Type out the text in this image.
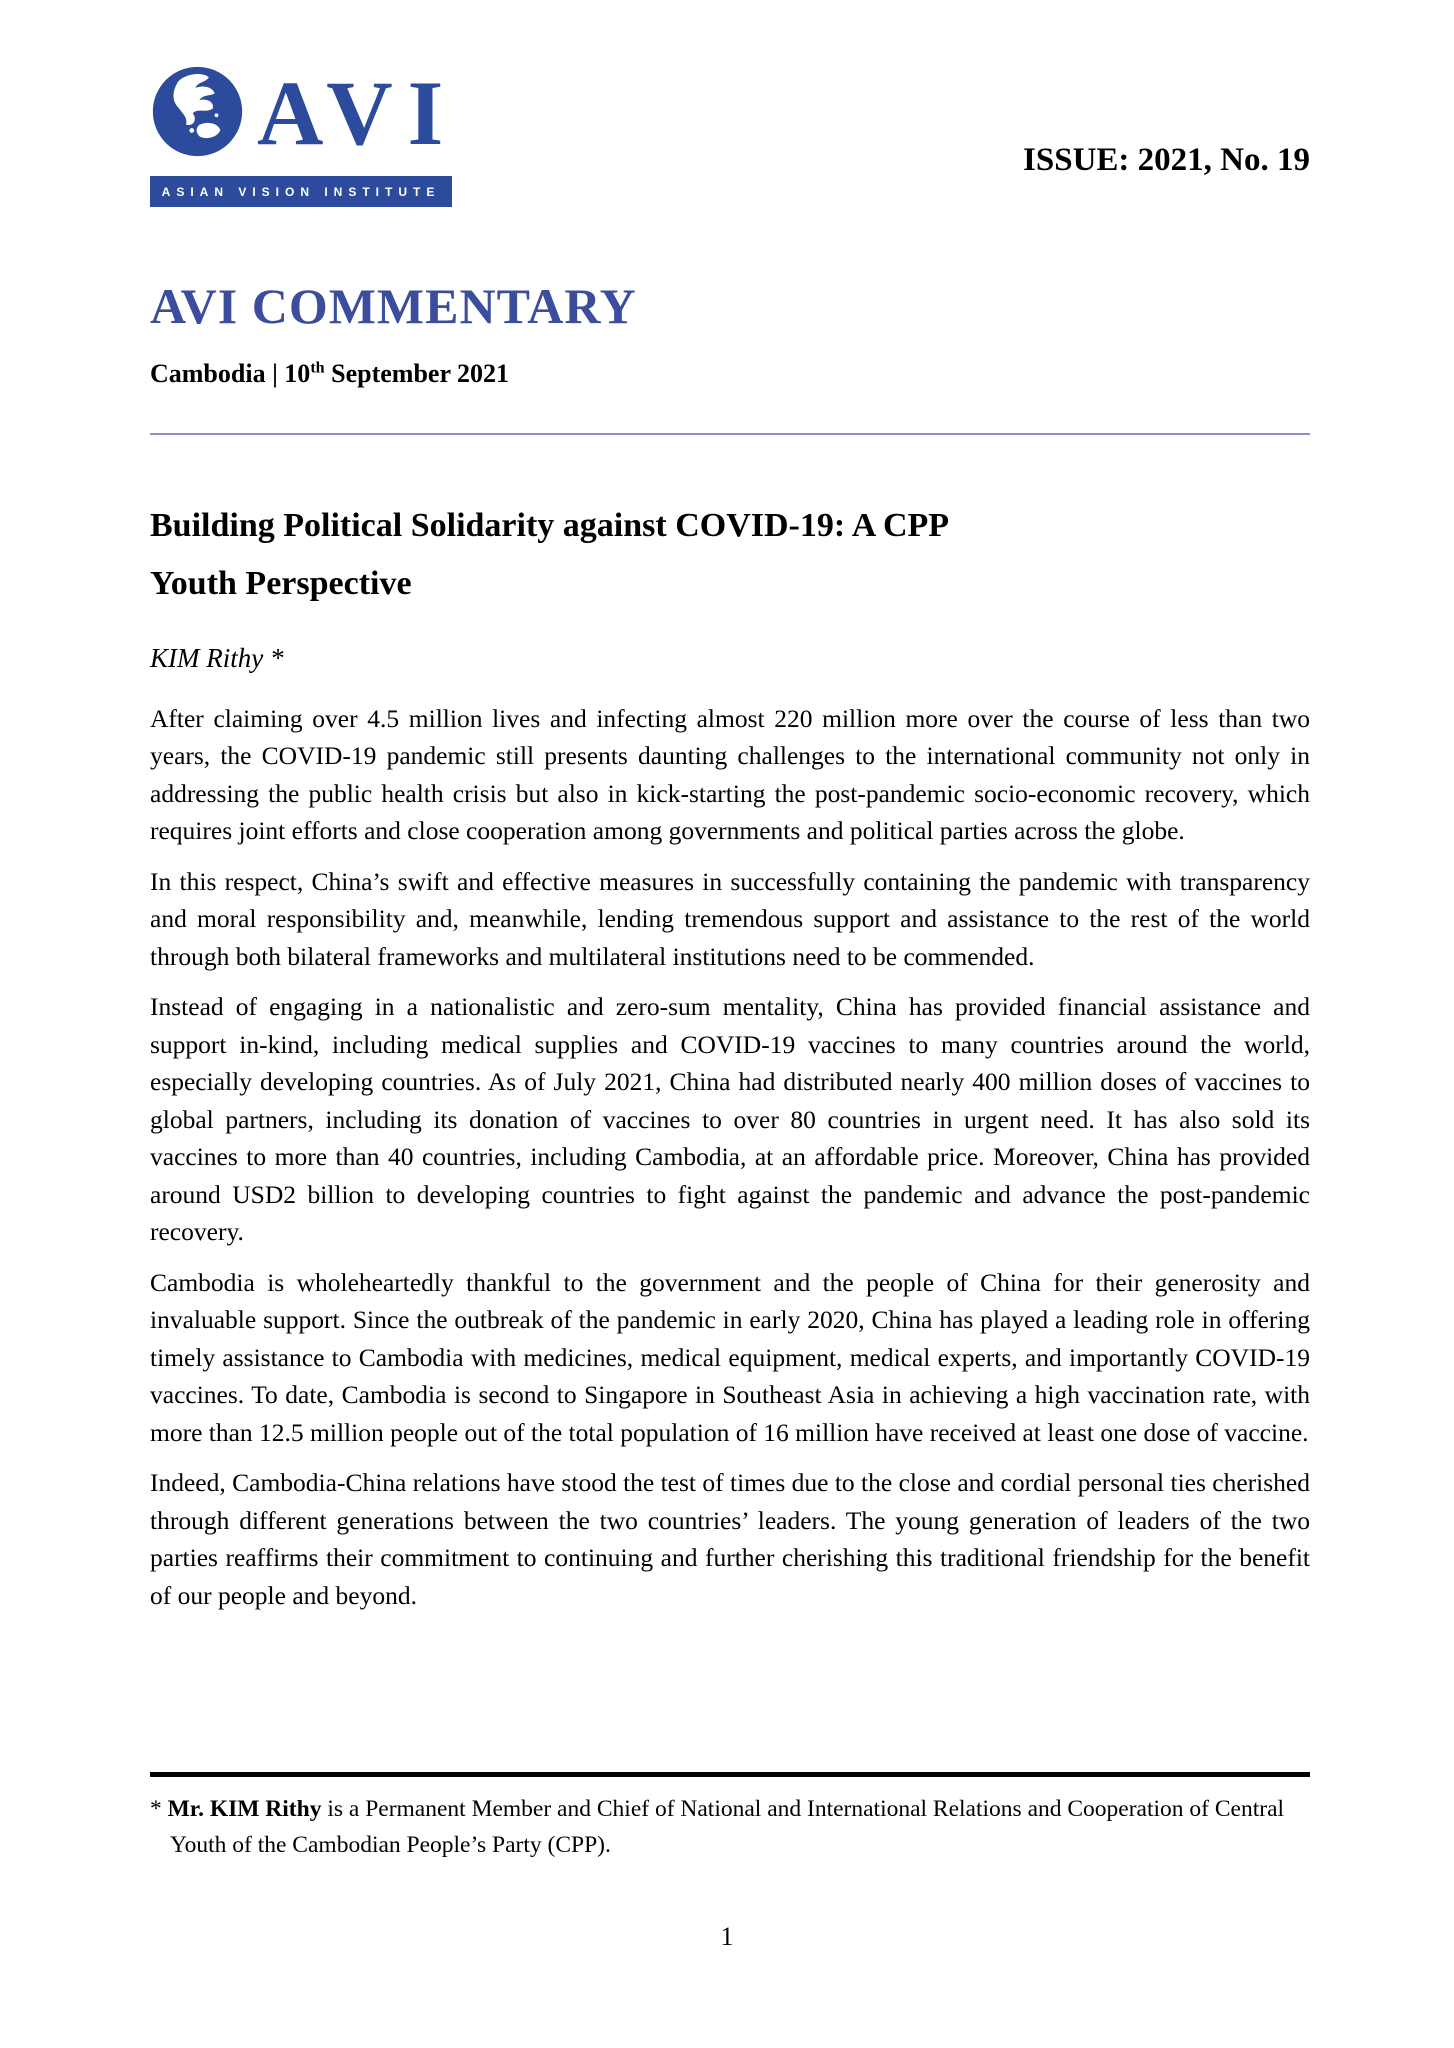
AVI
ASIAN VISION INSTITUTE
ISSUE: 2021, No. 19
AVI COMMENTARY
Cambodia | 10th September 2021
Building Political Solidarity against COVID-19: A CPP
Youth Perspective
KIM Rithy *

After claiming over 4.5 million lives and infecting almost 220 million more over the course of less than two years, the COVID-19 pandemic still presents daunting challenges to the international community not only in addressing the public health crisis but also in kick-starting the post-pandemic socio-economic recovery, which requires joint efforts and close cooperation among governments and political parties across the globe.

In this respect, China’s swift and effective measures in successfully containing the pandemic with transparency and moral responsibility and, meanwhile, lending tremendous support and assistance to the rest of the world through both bilateral frameworks and multilateral institutions need to be commended.

Instead of engaging in a nationalistic and zero-sum mentality, China has provided financial assistance and support in-kind, including medical supplies and COVID-19 vaccines to many countries around the world, especially developing countries. As of July 2021, China had distributed nearly 400 million doses of vaccines to global partners, including its donation of vaccines to over 80 countries in urgent need. It has also sold its vaccines to more than 40 countries, including Cambodia, at an affordable price. Moreover, China has provided around USD2 billion to developing countries to fight against the pandemic and advance the post-pandemic recovery.

Cambodia is wholeheartedly thankful to the government and the people of China for their generosity and invaluable support. Since the outbreak of the pandemic in early 2020, China has played a leading role in offering timely assistance to Cambodia with medicines, medical equipment, medical experts, and importantly COVID-19 vaccines. To date, Cambodia is second to Singapore in Southeast Asia in achieving a high vaccination rate, with more than 12.5 million people out of the total population of 16 million have received at least one dose of vaccine.

Indeed, Cambodia-China relations have stood the test of times due to the close and cordial personal ties cherished through different generations between the two countries’ leaders. The young generation of leaders of the two parties reaffirms their commitment to continuing and further cherishing this traditional friendship for the benefit of our people and beyond.

* Mr. KIM Rithy is a Permanent Member and Chief of National and International Relations and Cooperation of Central Youth of the Cambodian People’s Party (CPP).
1
